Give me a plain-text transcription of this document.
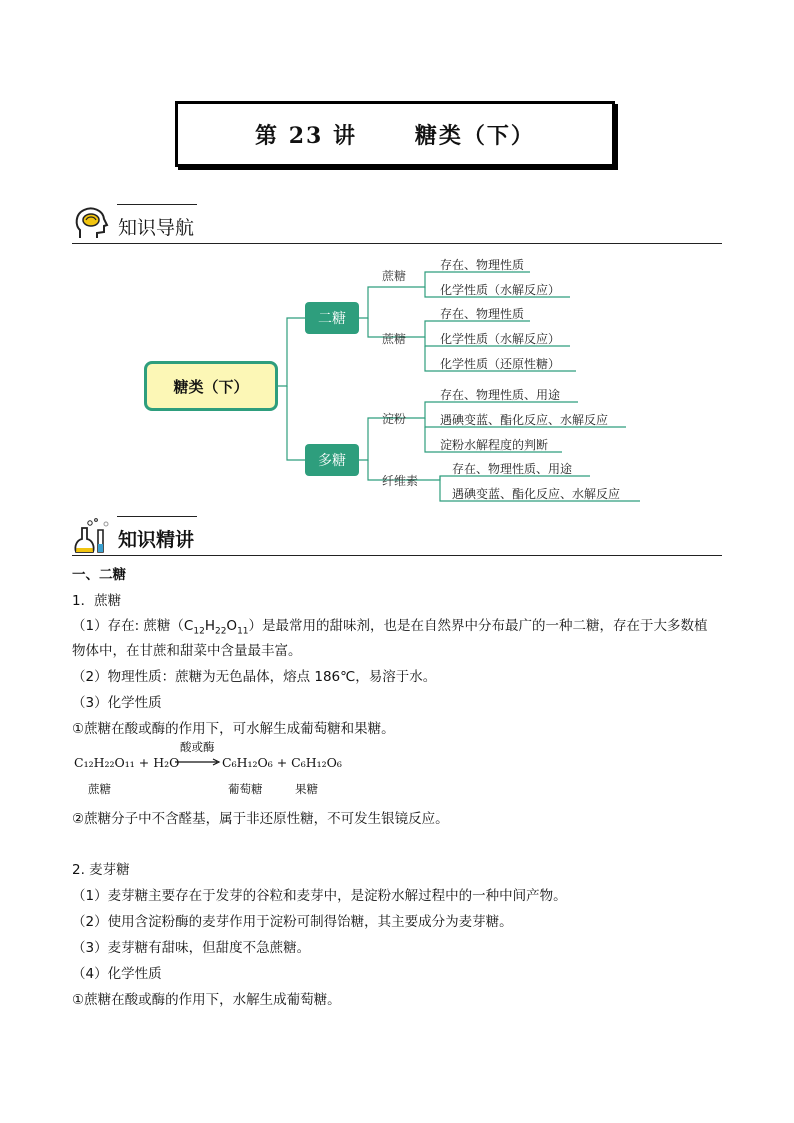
第 23 讲      糖类（下）
知识导航
糖类（下）
二糖
多糖
蔗糖
蔗糖
淀粉
纤维素
存在、物理性质
化学性质（水解反应）
存在、物理性质
化学性质（水解反应）
化学性质（还原性糖）
存在、物理性质、用途
遇碘变蓝、酯化反应、水解反应
淀粉水解程度的判断
存在、物理性质、用途
遇碘变蓝、酯化反应、水解反应
知识精讲
一、二糖
1．蔗糖
（1）存在: 蔗糖$(C_{12}H_{22}O_{11})$是最常用的甜味剂，也是在自然界中分布最广的一种二糖，存在于大多数植
物体中，在甘蔗和甜菜中含量最丰富。
（2）物理性质：蔗糖为无色晶体，熔点 186℃，易溶于水。
（3）化学性质
①蔗糖在酸或酶的作用下，可水解生成葡萄糖和果糖。
酸或酶
C₁₂H₂₂O₁₁ + H₂O → C₆H₁₂O₆ + C₆H₁₂O₆
蔗糖	葡萄糖	果糖
②蔗糖分子中不含醛基，属于非还原性糖，不可发生银镜反应。
2. 麦芽糖
（1）麦芽糖主要存在于发芽的谷粒和麦芽中，是淀粉水解过程中的一种中间产物。
（2）使用含淀粉酶的麦芽作用于淀粉可制得饴糖，其主要成分为麦芽糖。
（3）麦芽糖有甜味，但甜度不急蔗糖。
（4）化学性质
①蔗糖在酸或酶的作用下，水解生成葡萄糖。
